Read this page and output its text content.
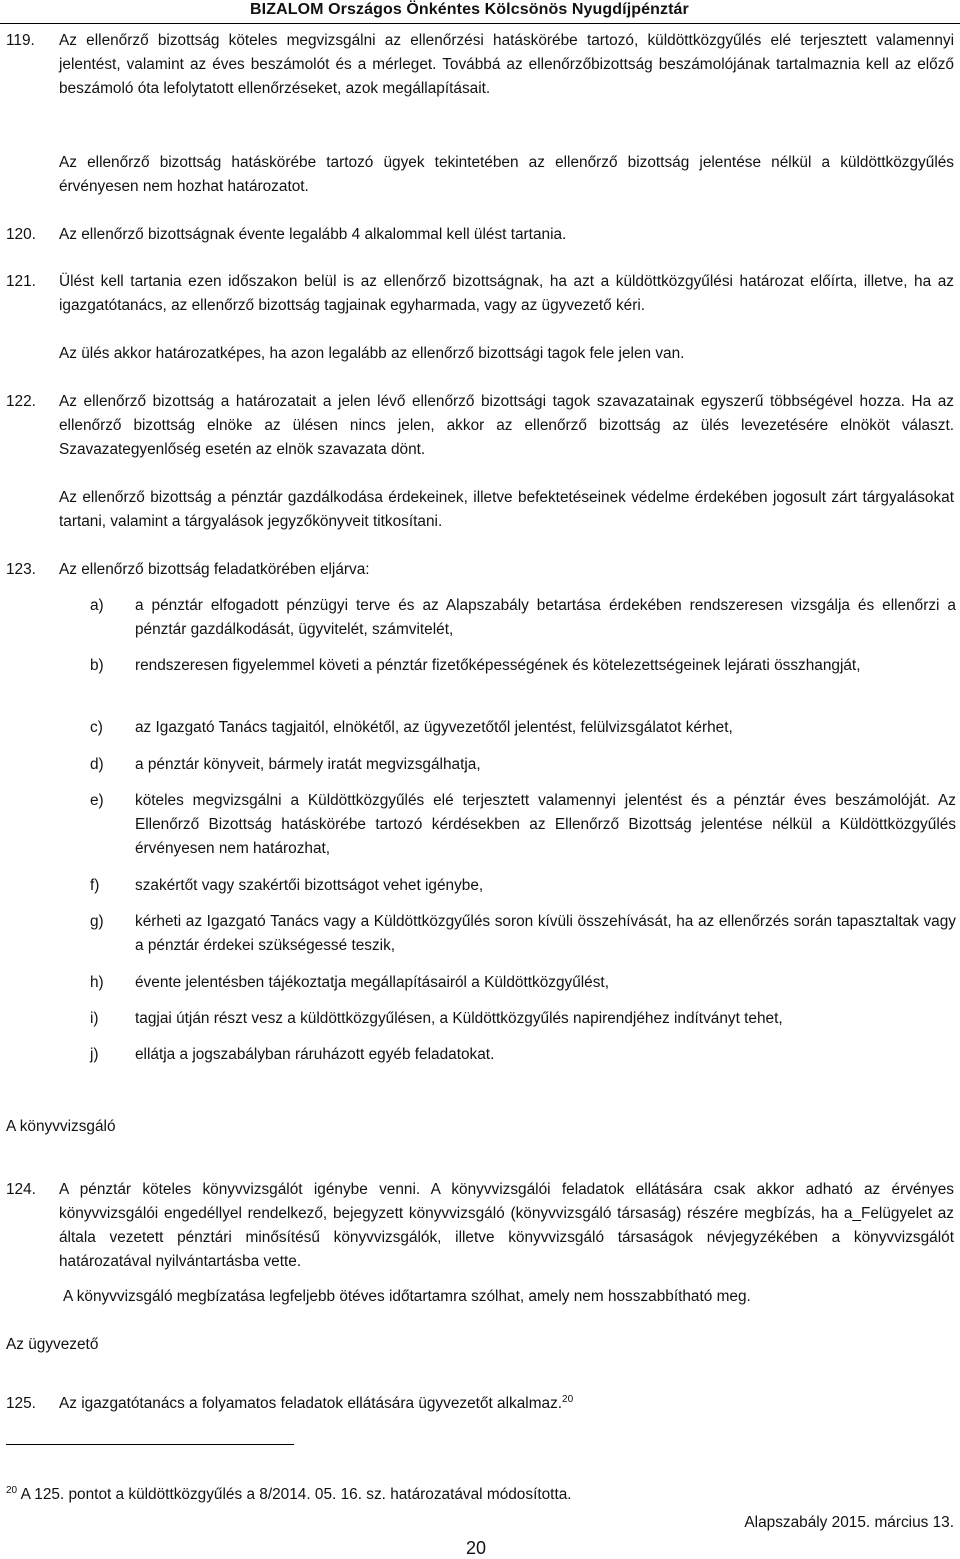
BIZALOM Országos Önkéntes Kölcsönös Nyugdíjpénztár
119.	Az ellenőrző bizottság köteles megvizsgálni az ellenőrzési hatáskörébe tartozó, küldöttközgyűlés elé terjesztett valamennyi jelentést, valamint az éves beszámolót és a mérleget. Továbbá az ellenőrzőbizottság beszámolójának tartalmaznia kell az előző beszámoló óta lefolytatott ellenőrzéseket, azok megállapításait.
Az ellenőrző bizottság hatáskörébe tartozó ügyek tekintetében az ellenőrző bizottság jelentése nélkül a küldöttközgyűlés érvényesen nem hozhat határozatot.
120.	Az ellenőrző bizottságnak évente legalább 4 alkalommal kell ülést tartania.
121.	Ülést kell tartania ezen időszakon belül is az ellenőrző bizottságnak, ha azt a küldöttközgyűlési határozat előírta, illetve, ha az igazgatótanács, az ellenőrző bizottság tagjainak egyharmada, vagy az ügyvezető kéri.
Az ülés akkor határozatképes, ha azon legalább az ellenőrző bizottsági tagok fele jelen van.
122.	Az ellenőrző bizottság a határozatait a jelen lévő ellenőrző bizottsági tagok szavazatainak egyszerű többségével hozza. Ha az ellenőrző bizottság elnöke az ülésen nincs jelen, akkor az ellenőrző bizottság az ülés levezetésére elnököt választ. Szavazategyenlőség esetén az elnök szavazata dönt.
Az ellenőrző bizottság a pénztár gazdálkodása érdekeinek, illetve befektetéseinek védelme érdekében jogosult zárt tárgyalásokat tartani, valamint a tárgyalások jegyzőkönyveit titkosítani.
123.	Az ellenőrző bizottság feladatkörében eljárva:
a)	a pénztár elfogadott pénzügyi terve és az Alapszabály betartása érdekében rendszeresen vizsgálja és ellenőrzi a pénztár gazdálkodását, ügyvitelét, számvitelét,
b)	rendszeresen figyelemmel követi a pénztár fizetőképességének és kötelezettségeinek lejárati összhangját,
c)	az Igazgató Tanács tagjaitól, elnökétől, az ügyvezetőtől jelentést, felülvizsgálatot kérhet,
d)	a pénztár könyveit, bármely iratát megvizsgálhatja,
e)	köteles megvizsgálni a Küldöttközgyűlés elé terjesztett valamennyi jelentést és a pénztár éves beszámolóját. Az Ellenőrző Bizottság hatáskörébe tartozó kérdésekben az Ellenőrző Bizottság jelentése nélkül a Küldöttközgyűlés érvényesen nem határozhat,
f)	szakértőt vagy szakértői bizottságot vehet igénybe,
g)	kérheti az Igazgató Tanács vagy a Küldöttközgyűlés soron kívüli összehívását, ha az ellenőrzés során tapasztaltak vagy a pénztár érdekei szükségessé teszik,
h)	évente jelentésben tájékoztatja megállapításairól a Küldöttközgyűlést,
i)	tagjai útján részt vesz a küldöttközgyűlésen, a Küldöttközgyűlés napirendjéhez indítványt tehet,
j)	ellátja a jogszabályban ráruházott egyéb feladatokat.
A könyvvizsgáló
124.	A pénztár köteles könyvvizsgálót igénybe venni. A könyvvizsgálói feladatok ellátására csak akkor adható az érvényes könyvvizsgálói engedéllyel rendelkező, bejegyzett könyvvizsgáló (könyvvizsgáló társaság) részére megbízás, ha a_Felügyelet az általa vezetett pénztári minősítésű könyvvizsgálók, illetve könyvvizsgáló társaságok névjegyzékében a könyvvizsgálót határozatával nyilvántartásba vette.
A könyvvizsgáló megbízatása legfeljebb ötéves időtartamra szólhat, amely nem hosszabbítható meg.
Az ügyvezető
125.	Az igazgatótanács a folyamatos feladatok ellátására ügyvezetőt alkalmaz.$^{20}$
$^{20}$ A 125. pontot a küldöttközgyűlés a 8/2014. 05. 16. sz. határozatával módosította.
Alapszabály 2015. március 13.
20
